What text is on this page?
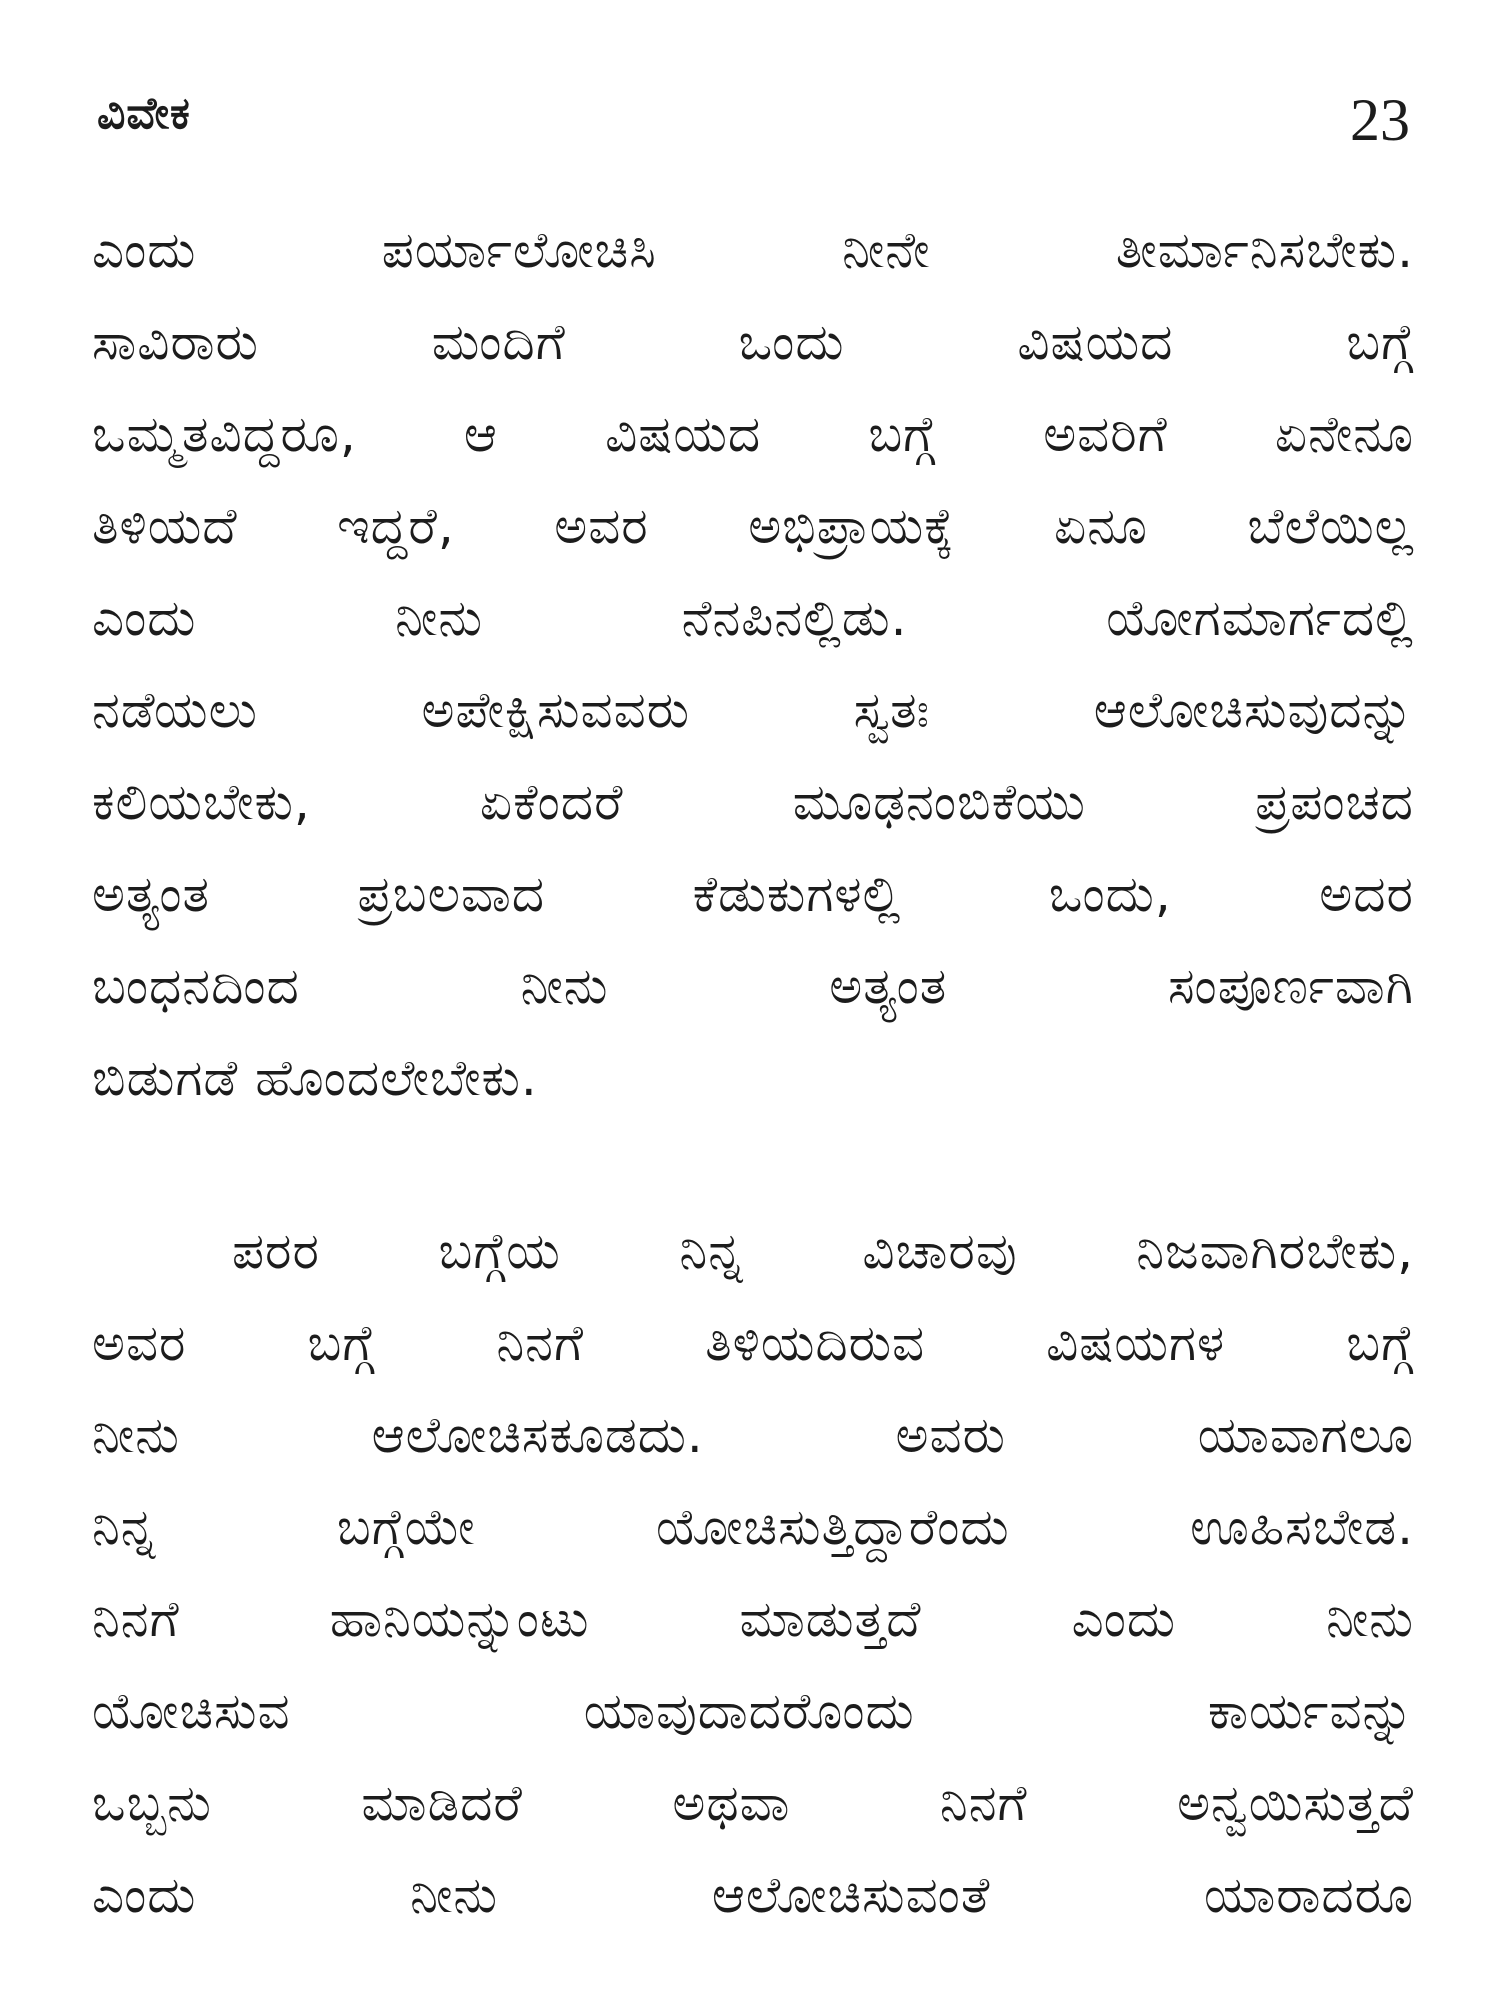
ವಿವೇಕ	23
ಎಂದು ಪರ್ಯಾಲೋಚಿಸಿ ನೀನೇ ತೀರ್ಮಾನಿಸಬೇಕು.
ಸಾವಿರಾರು ಮಂದಿಗೆ ಒಂದು ವಿಷಯದ ಬಗ್ಗೆ
ಒಮ್ಮತವಿದ್ದರೂ, ಆ ವಿಷಯದ ಬಗ್ಗೆ ಅವರಿಗೆ ಏನೇನೂ
ತಿಳಿಯದೆ ಇದ್ದರೆ, ಅವರ ಅಭಿಪ್ರಾಯಕ್ಕೆ ಏನೂ ಬೆಲೆಯಿಲ್ಲ
ಎಂದು ನೀನು ನೆನಪಿನಲ್ಲಿಡು. ಯೋಗಮಾರ್ಗದಲ್ಲಿ
ನಡೆಯಲು ಅಪೇಕ್ಷಿಸುವವರು ಸ್ವತಃ ಆಲೋಚಿಸುವುದನ್ನು
ಕಲಿಯಬೇಕು, ಏಕೆಂದರೆ ಮೂಢನಂಬಿಕೆಯು ಪ್ರಪಂಚದ
ಅತ್ಯಂತ ಪ್ರಬಲವಾದ ಕೆಡುಕುಗಳಲ್ಲಿ ಒಂದು, ಅದರ
ಬಂಧನದಿಂದ ನೀನು ಅತ್ಯಂತ ಸಂಪೂರ್ಣವಾಗಿ
ಬಿಡುಗಡೆ ಹೊಂದಲೇಬೇಕು.
ಪರರ ಬಗ್ಗೆಯ ನಿನ್ನ ವಿಚಾರವು ನಿಜವಾಗಿರಬೇಕು,
ಅವರ ಬಗ್ಗೆ ನಿನಗೆ ತಿಳಿಯದಿರುವ ವಿಷಯಗಳ ಬಗ್ಗೆ
ನೀನು ಆಲೋಚಿಸಕೂಡದು. ಅವರು ಯಾವಾಗಲೂ
ನಿನ್ನ ಬಗ್ಗೆಯೇ ಯೋಚಿಸುತ್ತಿದ್ದಾರೆಂದು ಊಹಿಸಬೇಡ.
ನಿನಗೆ ಹಾನಿಯನ್ನುಂಟು ಮಾಡುತ್ತದೆ ಎಂದು ನೀನು
ಯೋಚಿಸುವ ಯಾವುದಾದರೊಂದು ಕಾರ್ಯವನ್ನು
ಒಬ್ಬನು ಮಾಡಿದರೆ ಅಥವಾ ನಿನಗೆ ಅನ್ವಯಿಸುತ್ತದೆ
ಎಂದು ನೀನು ಆಲೋಚಿಸುವಂತೆ ಯಾರಾದರೂ
